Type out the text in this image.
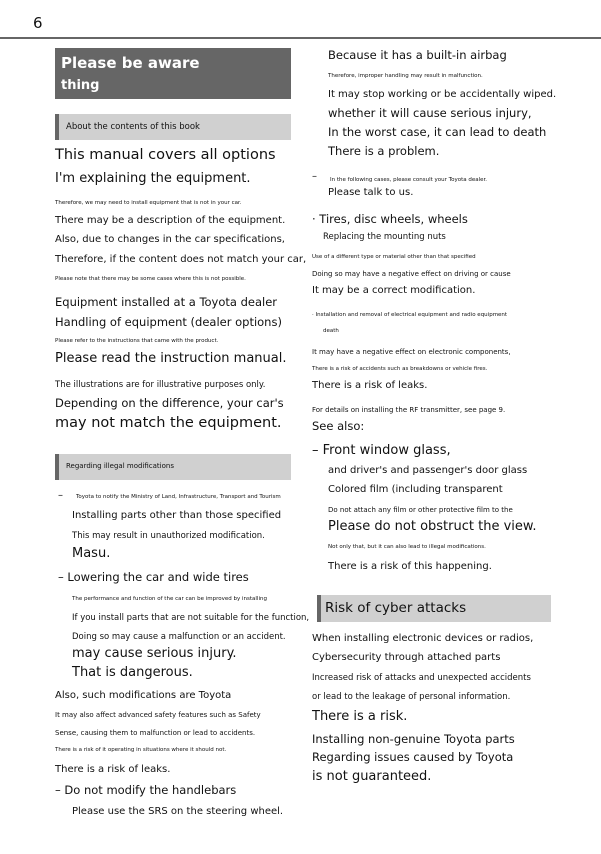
6
Please be aware
thing
About the contents of this book
Regarding illegal modifications
This manual covers all options
I'm explaining the equipment.
Therefore, we may need to install equipment that is not in your car.
There may be a description of the equipment.
Also, due to changes in the car specifications,
Therefore, if the content does not match your car,
Please note that there may be some cases where this is not possible.
Equipment installed at a Toyota dealer
Handling of equipment (dealer options)
Please refer to the instructions that came with the product.
Please read the instruction manual.
The illustrations are for illustrative purposes only.
Depending on the difference, your car's
may not match the equipment.
– Toyota to notify the Ministry of Land, Infrastructure, Transport and Tourism
Installing parts other than those specified
This may result in unauthorized modification.
Masu.
– Lowering the car and wide tires
The performance and function of the car can be improved by installing
If you install parts that are not suitable for the function,
Doing so may cause a malfunction or an accident.
may cause serious injury.
That is dangerous.
Also, such modifications are Toyota
It may also affect advanced safety features such as Safety
Sense, causing them to malfunction or lead to accidents.
There is a risk of it operating in situations where it should not.
There is a risk of leaks.
– Do not modify the handlebars
Please use the SRS on the steering wheel.
Because it has a built-in airbag
Therefore, improper handling may result in malfunction.
It may stop working or be accidentally wiped.
whether it will cause serious injury,
In the worst case, it can lead to death
There is a problem.
– In the following cases, please consult your Toyota dealer.
Please talk to us.
· Tires, disc wheels, wheels
Replacing the mounting nuts
Use of a different type or material other than that specified
Doing so may have a negative effect on driving or cause
It may be a correct modification.
· Installation and removal of electrical equipment and radio equipment
death
It may have a negative effect on electronic components,
There is a risk of accidents such as breakdowns or vehicle fires.
There is a risk of leaks.
For details on installing the RF transmitter, see page 9.
See also:
– Front window glass,
and driver's and passenger's door glass
Colored film (including transparent
Do not attach any film or other protective film to the
Please do not obstruct the view.
Not only that, but it can also lead to illegal modifications.
There is a risk of this happening.
Risk of cyber attacks
When installing electronic devices or radios,
Cybersecurity through attached parts
Increased risk of attacks and unexpected accidents
or lead to the leakage of personal information.
There is a risk.
Installing non-genuine Toyota parts
Regarding issues caused by Toyota
is not guaranteed.
